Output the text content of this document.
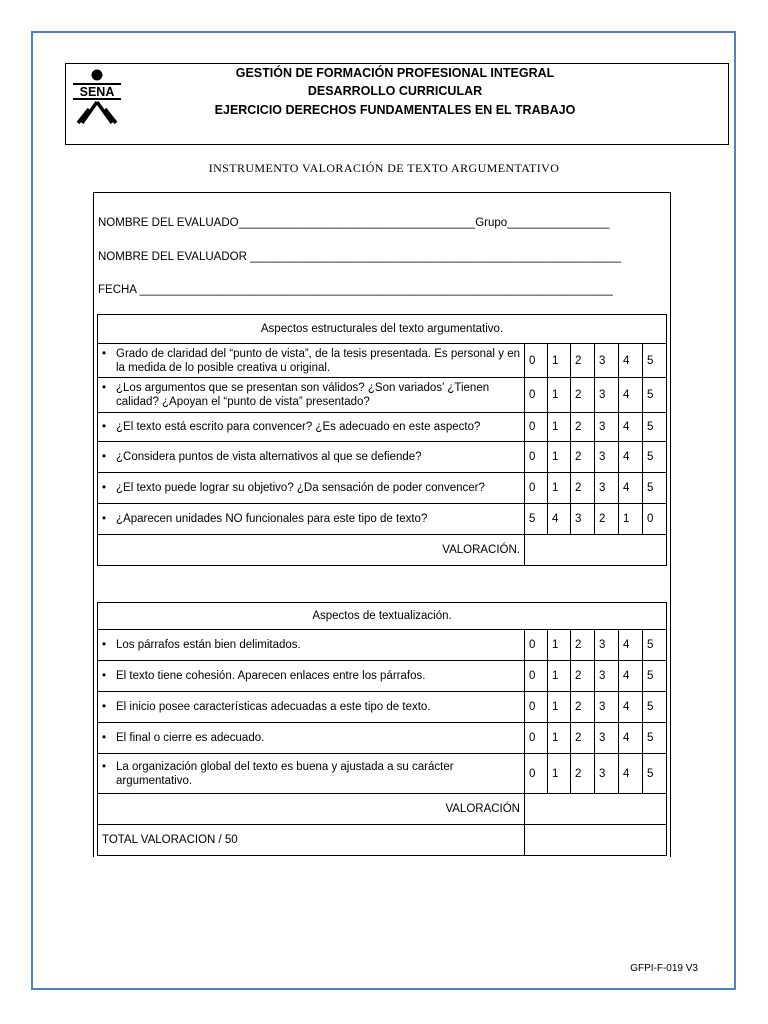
SENA
GESTIÓN DE FORMACIÓN PROFESIONAL INTEGRAL
DESARROLLO CURRICULAR
EJERCICIO DERECHOS FUNDAMENTALES EN EL TRABAJO
INSTRUMENTO VALORACIÓN DE TEXTO ARGUMENTATIVO
NOMBRE DEL EVALUADO_____________________________________Grupo________________
NOMBRE DEL EVALUADOR __________________________________________________________
FECHA __________________________________________________________________________
Aspectos estructurales del texto argumentativo.						

• Grado de claridad del “punto de vista”, de la tesis presentada. Es personal y en la medida de lo posible creativa u original.	0	1	2	3	4	5

• ¿Los argumentos que se presentan son válidos? ¿Son variados’ ¿Tienen calidad? ¿Apoyan el “punto de vista” presentado?	0	1	2	3	4	5

• ¿El texto está escrito para convencer? ¿Es adecuado en este aspecto?	0	1	2	3	4	5

• ¿Considera puntos de vista alternativos al que se defiende?	0	1	2	3	4	5

• ¿El texto puede lograr su objetivo? ¿Da sensación de poder convencer?	0	1	2	3	4	5

• ¿Aparecen unidades NO funcionales para este tipo de texto?	5	4	3	2	1	0
VALORACIÓN.						
Aspectos de textualización.						

• Los párrafos están bien delimitados.	0	1	2	3	4	5

• El texto tiene cohesión. Aparecen enlaces entre los párrafos.	0	1	2	3	4	5

• El inicio posee características adecuadas a este tipo de texto.	0	1	2	3	4	5

• El final o cierre es adecuado.	0	1	2	3	4	5

• La organización global del texto es buena y ajustada a su carácter argumentativo.	0	1	2	3	4	5
VALORACIÓN						
TOTAL VALORACION / 50						
GFPI-F-019 V3
